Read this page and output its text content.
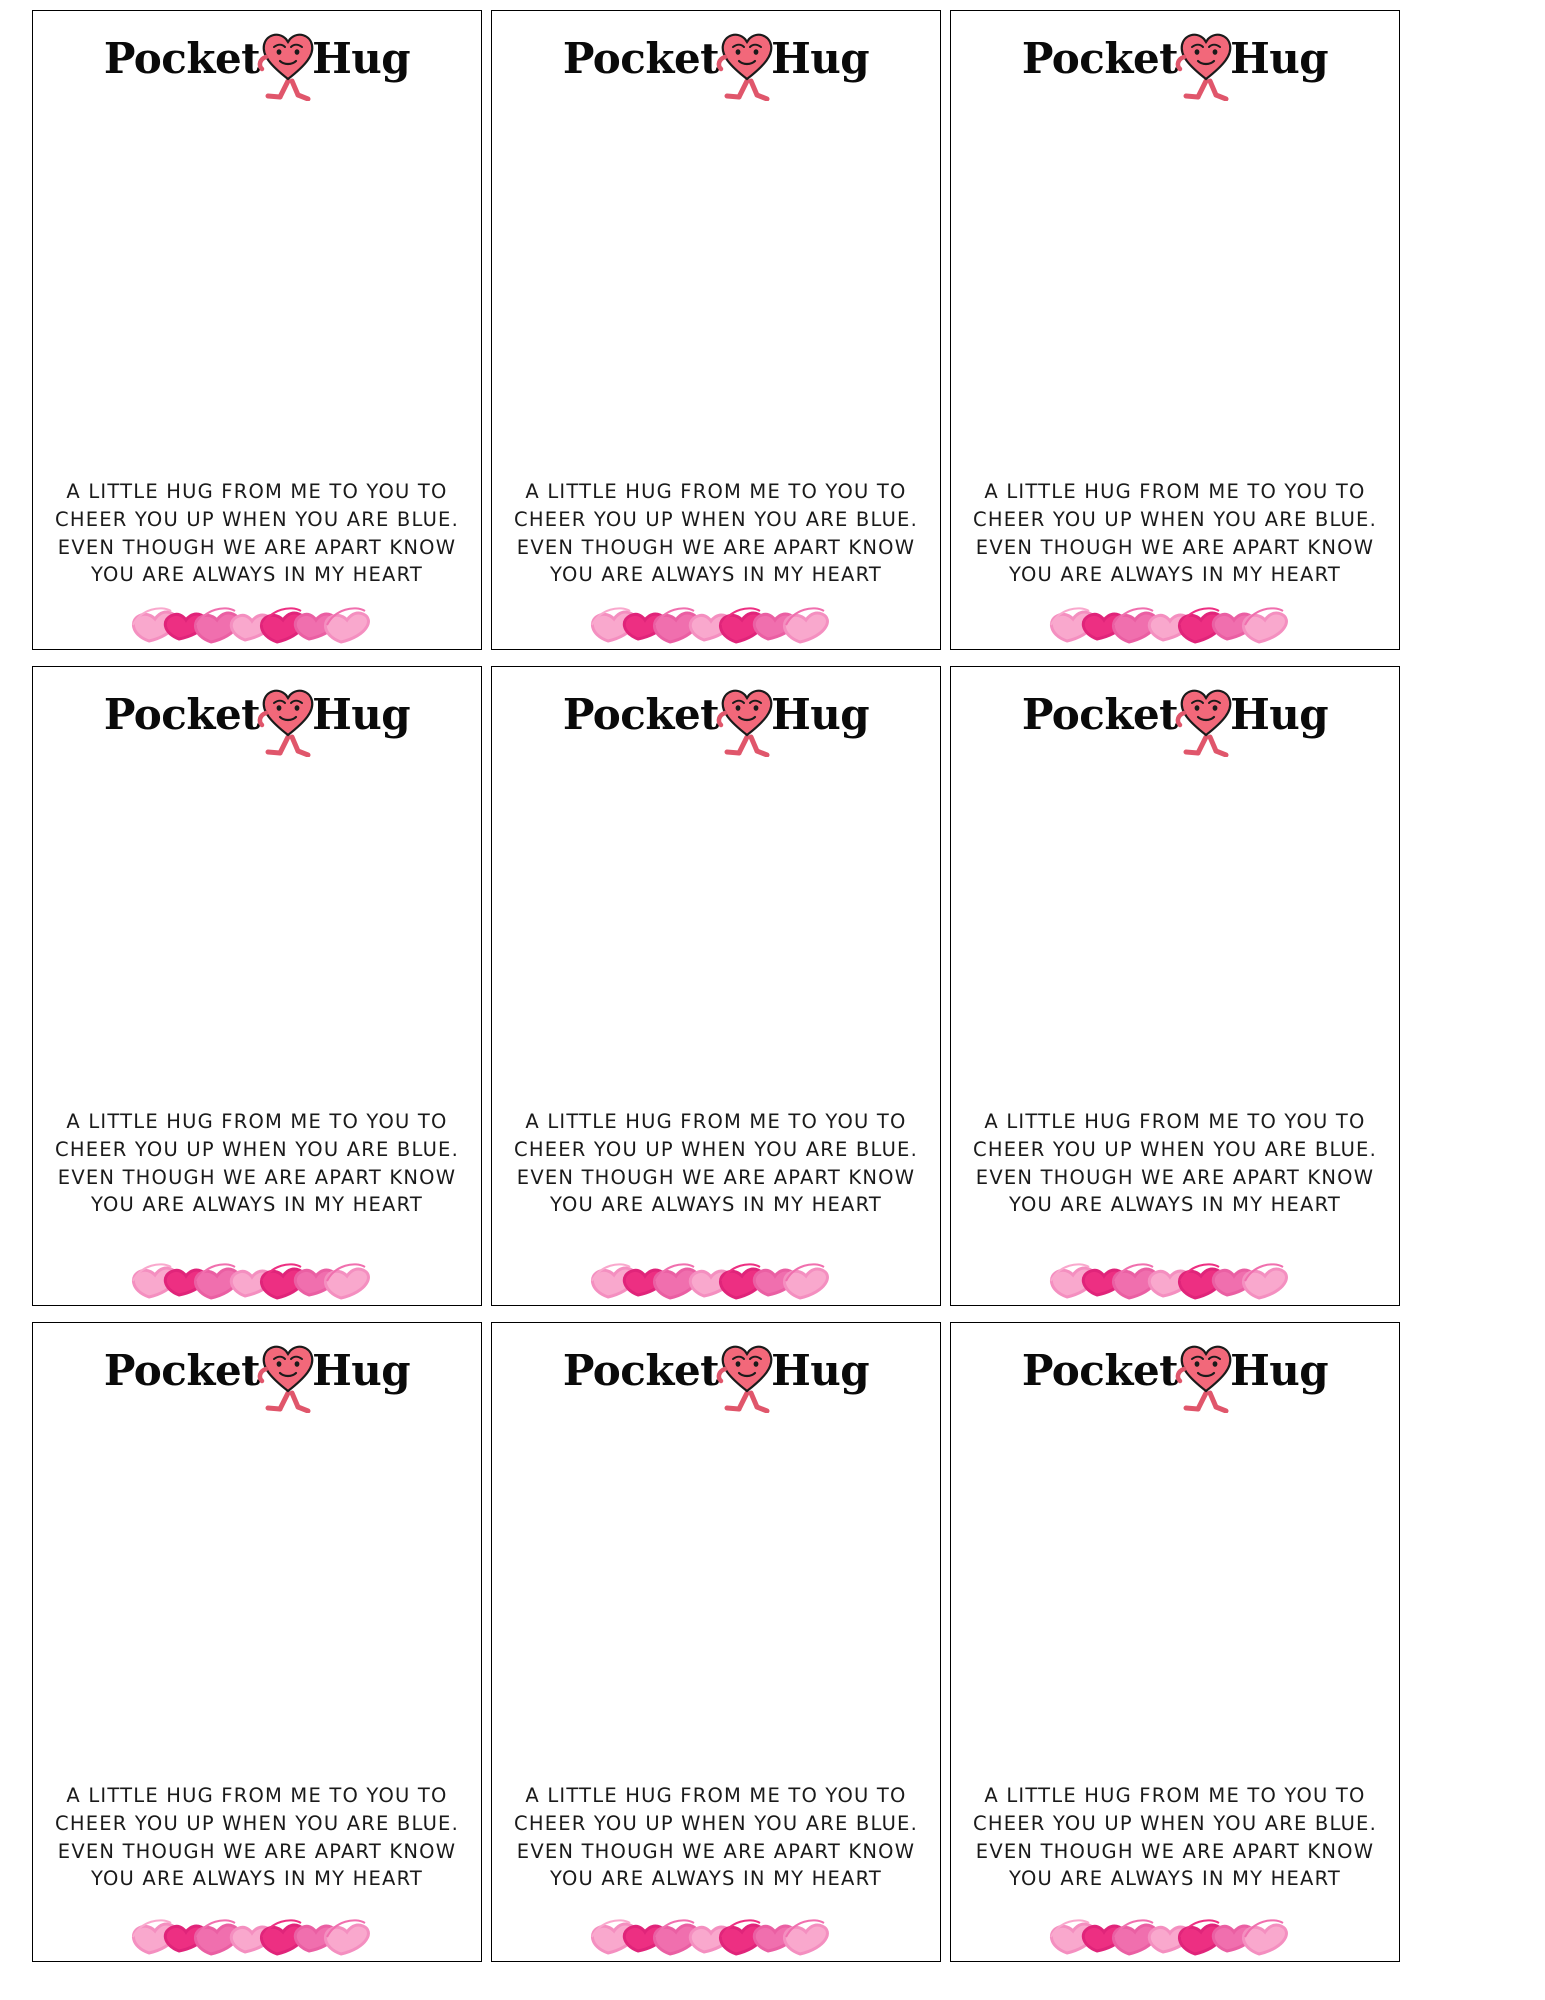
Pocket Hug
A LITTLE HUG FROM ME TO YOU TO CHEER YOU UP WHEN YOU ARE BLUE. EVEN THOUGH WE ARE APART KNOW YOU ARE ALWAYS IN MY HEART
Pocket Hug
A LITTLE HUG FROM ME TO YOU TO CHEER YOU UP WHEN YOU ARE BLUE. EVEN THOUGH WE ARE APART KNOW YOU ARE ALWAYS IN MY HEART
Pocket Hug
A LITTLE HUG FROM ME TO YOU TO CHEER YOU UP WHEN YOU ARE BLUE. EVEN THOUGH WE ARE APART KNOW YOU ARE ALWAYS IN MY HEART
Pocket Hug
A LITTLE HUG FROM ME TO YOU TO CHEER YOU UP WHEN YOU ARE BLUE. EVEN THOUGH WE ARE APART KNOW YOU ARE ALWAYS IN MY HEART
Pocket Hug
A LITTLE HUG FROM ME TO YOU TO CHEER YOU UP WHEN YOU ARE BLUE. EVEN THOUGH WE ARE APART KNOW YOU ARE ALWAYS IN MY HEART
Pocket Hug
A LITTLE HUG FROM ME TO YOU TO CHEER YOU UP WHEN YOU ARE BLUE. EVEN THOUGH WE ARE APART KNOW YOU ARE ALWAYS IN MY HEART
Pocket Hug
A LITTLE HUG FROM ME TO YOU TO CHEER YOU UP WHEN YOU ARE BLUE. EVEN THOUGH WE ARE APART KNOW YOU ARE ALWAYS IN MY HEART
Pocket Hug
A LITTLE HUG FROM ME TO YOU TO CHEER YOU UP WHEN YOU ARE BLUE. EVEN THOUGH WE ARE APART KNOW YOU ARE ALWAYS IN MY HEART
Pocket Hug
A LITTLE HUG FROM ME TO YOU TO CHEER YOU UP WHEN YOU ARE BLUE. EVEN THOUGH WE ARE APART KNOW YOU ARE ALWAYS IN MY HEART
